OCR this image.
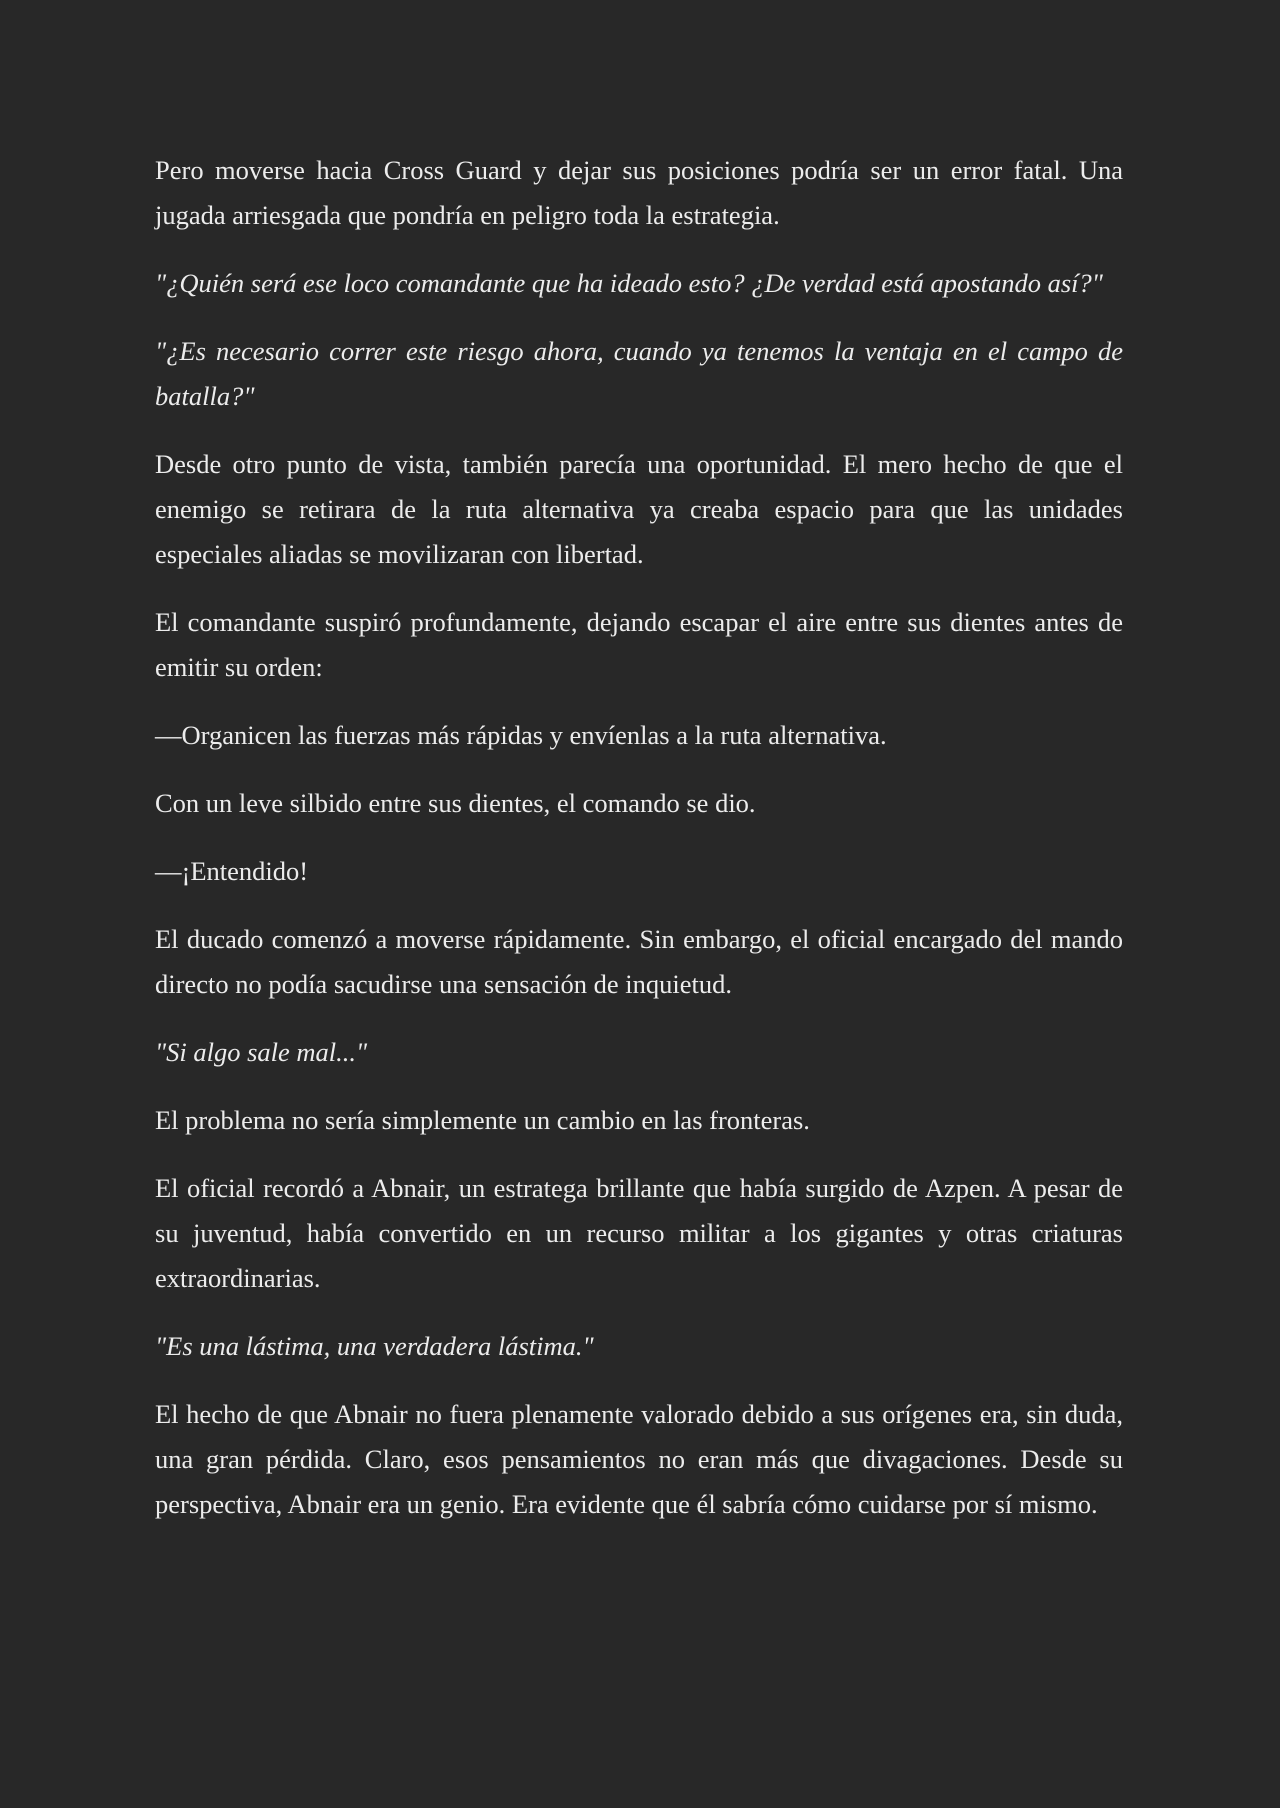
Pero moverse hacia Cross Guard y dejar sus posiciones podría ser un error fatal. Una jugada arriesgada que pondría en peligro toda la estrategia.

"¿Quién será ese loco comandante que ha ideado esto? ¿De verdad está apostando así?"

"¿Es necesario correr este riesgo ahora, cuando ya tenemos la ventaja en el campo de batalla?"

Desde otro punto de vista, también parecía una oportunidad. El mero hecho de que el enemigo se retirara de la ruta alternativa ya creaba espacio para que las unidades especiales aliadas se movilizaran con libertad.

El comandante suspiró profundamente, dejando escapar el aire entre sus dientes antes de emitir su orden:

—Organicen las fuerzas más rápidas y envíenlas a la ruta alternativa.

Con un leve silbido entre sus dientes, el comando se dio.

—¡Entendido!

El ducado comenzó a moverse rápidamente. Sin embargo, el oficial encargado del mando directo no podía sacudirse una sensación de inquietud.

"Si algo sale mal..."

El problema no sería simplemente un cambio en las fronteras.

El oficial recordó a Abnair, un estratega brillante que había surgido de Azpen. A pesar de su juventud, había convertido en un recurso militar a los gigantes y otras criaturas extraordinarias.

"Es una lástima, una verdadera lástima."

El hecho de que Abnair no fuera plenamente valorado debido a sus orígenes era, sin duda, una gran pérdida. Claro, esos pensamientos no eran más que divagaciones. Desde su perspectiva, Abnair era un genio. Era evidente que él sabría cómo cuidarse por sí mismo.
